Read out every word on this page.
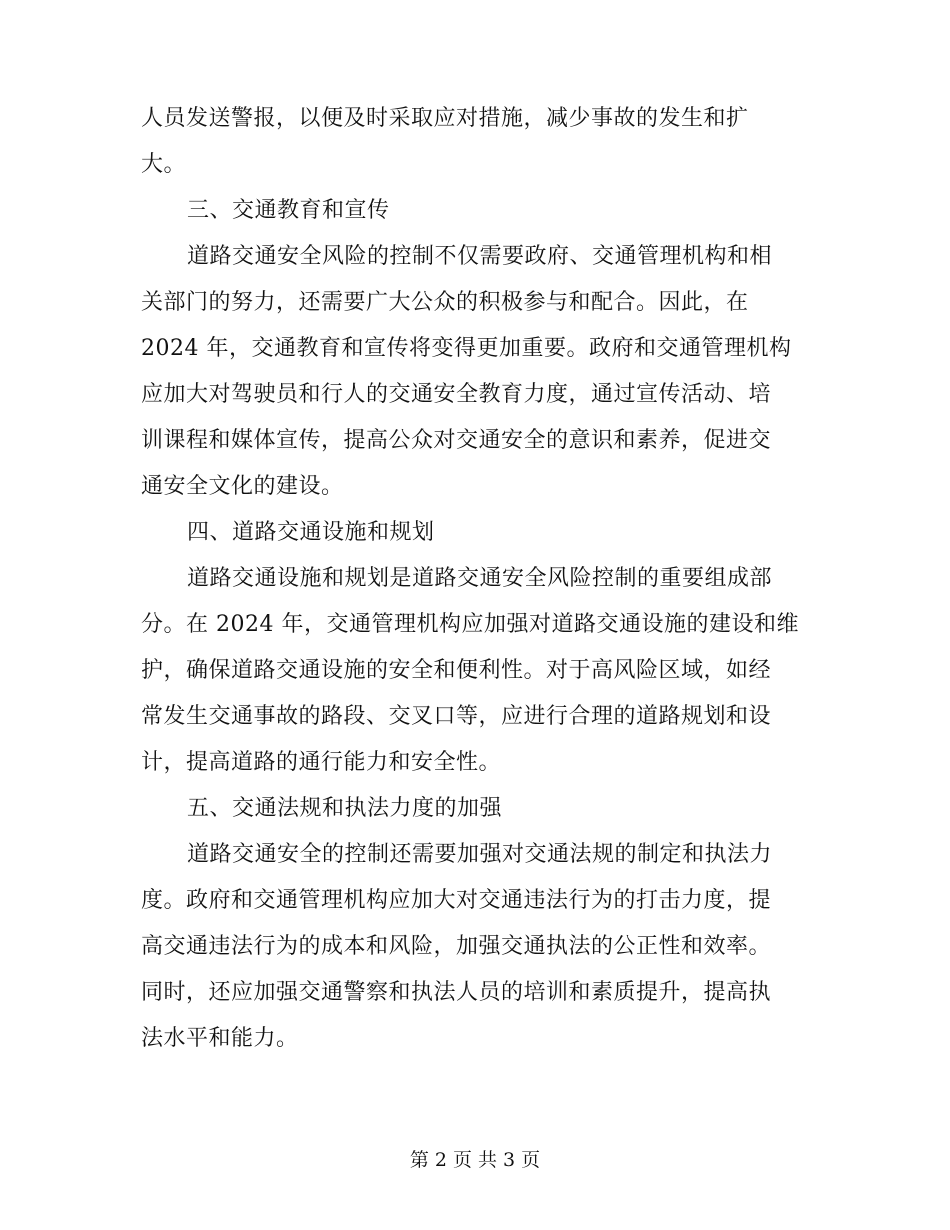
人员发送警报，以便及时采取应对措施，减少事故的发生和扩
大。
三、交通教育和宣传
道路交通安全风险的控制不仅需要政府、交通管理机构和相
关部门的努力，还需要广大公众的积极参与和配合。因此，在
2024 年，交通教育和宣传将变得更加重要。政府和交通管理机构
应加大对驾驶员和行人的交通安全教育力度，通过宣传活动、培
训课程和媒体宣传，提高公众对交通安全的意识和素养，促进交
通安全文化的建设。
四、道路交通设施和规划
道路交通设施和规划是道路交通安全风险控制的重要组成部
分。在 2024 年，交通管理机构应加强对道路交通设施的建设和维
护，确保道路交通设施的安全和便利性。对于高风险区域，如经
常发生交通事故的路段、交叉口等，应进行合理的道路规划和设
计，提高道路的通行能力和安全性。
五、交通法规和执法力度的加强
道路交通安全的控制还需要加强对交通法规的制定和执法力
度。政府和交通管理机构应加大对交通违法行为的打击力度，提
高交通违法行为的成本和风险，加强交通执法的公正性和效率。
同时，还应加强交通警察和执法人员的培训和素质提升，提高执
法水平和能力。
第 2 页 共 3 页
